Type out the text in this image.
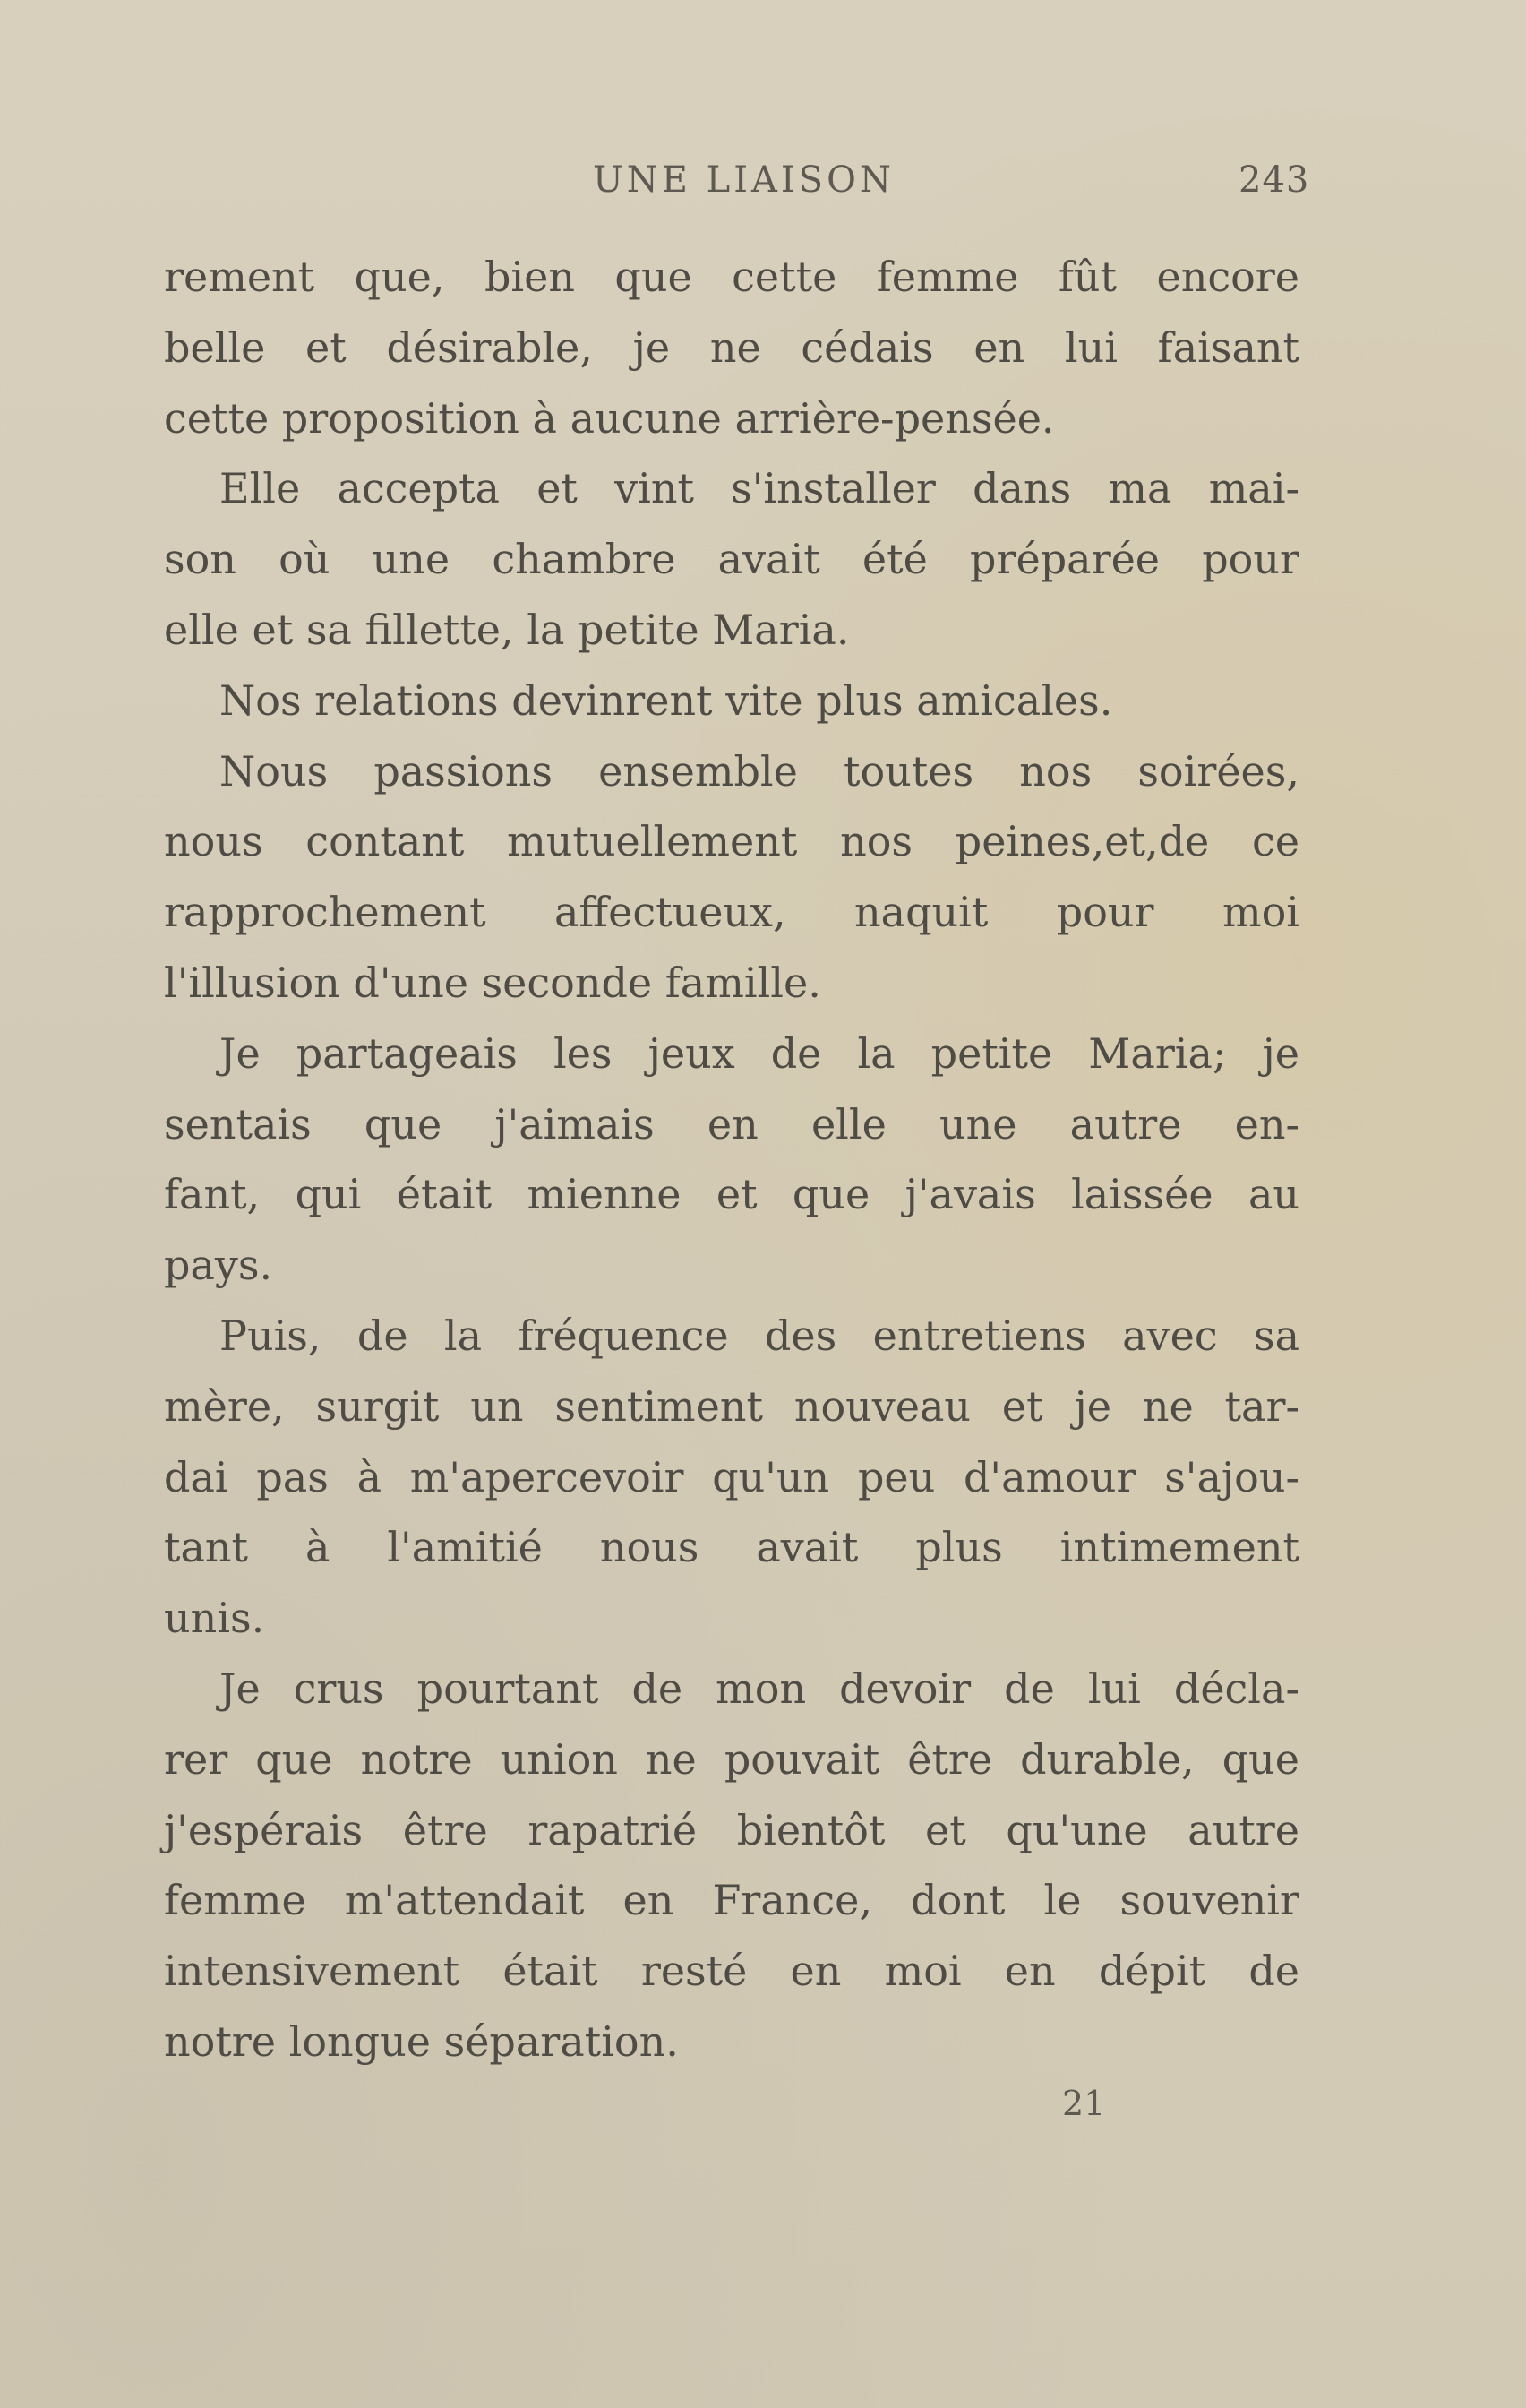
UNE LIAISON	243
rement que, bien que cette femme fût encore
belle et désirable, je ne cédais en lui faisant
cette proposition à aucune arrière-pensée.
Elle accepta et vint s'installer dans ma mai-
son où une chambre avait été préparée pour
elle et sa fillette, la petite Maria.
Nos relations devinrent vite plus amicales.
Nous passions ensemble toutes nos soirées,
nous contant mutuellement nos peines,et,de ce
rapprochement affectueux, naquit pour moi
l'illusion d'une seconde famille.
Je partageais les jeux de la petite Maria; je
sentais que j'aimais en elle une autre en-
fant, qui était mienne et que j'avais laissée au
pays.
Puis, de la fréquence des entretiens avec sa
mère, surgit un sentiment nouveau et je ne tar-
dai pas à m'apercevoir qu'un peu d'amour s'ajou-
tant à l'amitié nous avait plus intimement
unis.
Je crus pourtant de mon devoir de lui décla-
rer que notre union ne pouvait être durable, que
j'espérais être rapatrié bientôt et qu'une autre
femme m'attendait en France, dont le souvenir
intensivement était resté en moi en dépit de
notre longue séparation.
21
